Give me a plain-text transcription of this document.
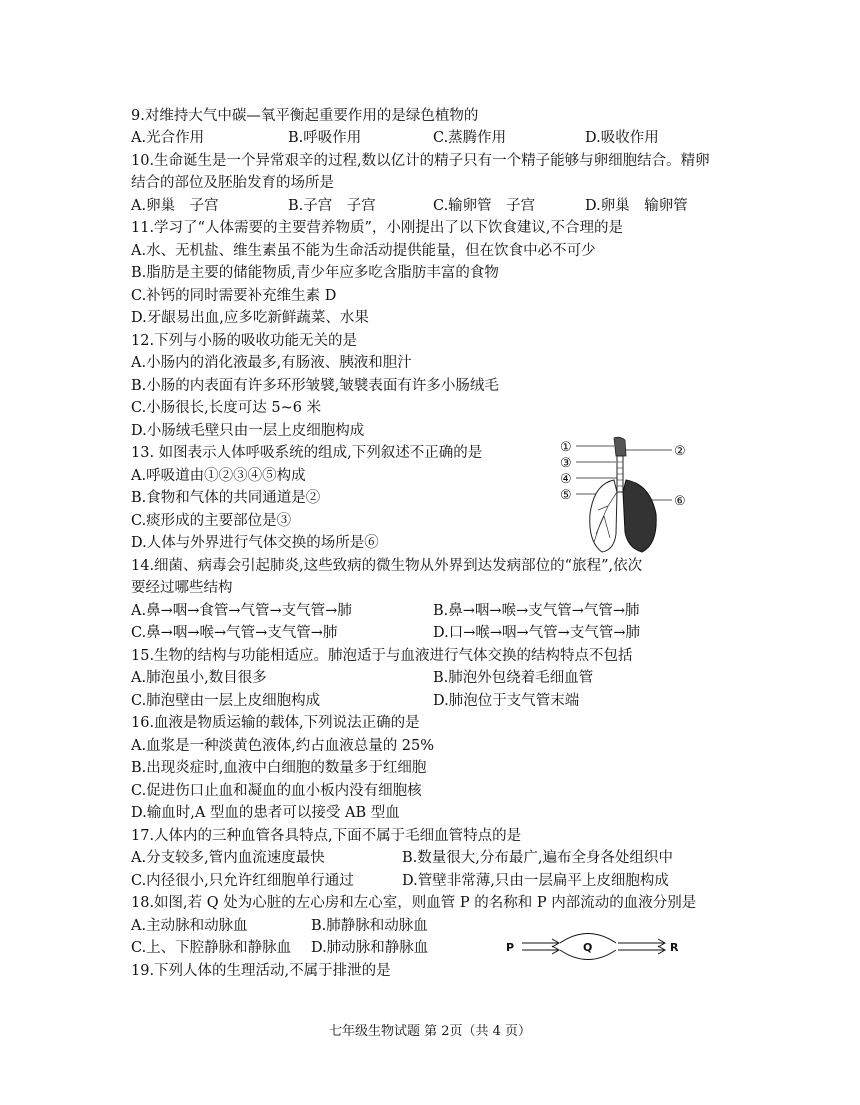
9.对维持大气中碳—氧平衡起重要作用的是绿色植物的
A.光合作用	B.呼吸作用	C.蒸腾作用	D.吸收作用
10.生命诞生是一个异常艰辛的过程,数以亿计的精子只有一个精子能够与卵细胞结合。精卵
结合的部位及胚胎发育的场所是
A.卵巢　子宫	B.子宫　子宫	C.输卵管　子宫	D.卵巢　输卵管
11.学习了“人体需要的主要营养物质”，小刚提出了以下饮食建议,不合理的是
A.水、无机盐、维生素虽不能为生命活动提供能量，但在饮食中必不可少
B.脂肪是主要的储能物质,青少年应多吃含脂肪丰富的食物
C.补钙的同时需要补充维生素 D
D.牙龈易出血,应多吃新鲜蔬菜、水果
12.下列与小肠的吸收功能无关的是
A.小肠内的消化液最多,有肠液、胰液和胆汁
B.小肠的内表面有许多环形皱襞,皱襞表面有许多小肠绒毛
C.小肠很长,长度可达 5~6 米
D.小肠绒毛壁只由一层上皮细胞构成
13. 如图表示人体呼吸系统的组成,下列叙述不正确的是
A.呼吸道由①②③④⑤构成
B.食物和气体的共同通道是②
C.痰形成的主要部位是③
D.人体与外界进行气体交换的场所是⑥
①
③
④
⑤
②
⑥
14.细菌、病毒会引起肺炎,这些致病的微生物从外界到达发病部位的“旅程”,依次
要经过哪些结构
A.鼻→咽→食管→气管→支气管→肺	B.鼻→咽→喉→支气管→气管→肺
C.鼻→咽→喉→气管→支气管→肺	D.口→喉→咽→气管→支气管→肺
15.生物的结构与功能相适应。肺泡适于与血液进行气体交换的结构特点不包括
A.肺泡虽小,数目很多	B.肺泡外包绕着毛细血管
C.肺泡壁由一层上皮细胞构成	D.肺泡位于支气管末端
16.血液是物质运输的载体,下列说法正确的是
A.血浆是一种淡黄色液体,约占血液总量的 25%
B.出现炎症时,血液中白细胞的数量多于红细胞
C.促进伤口止血和凝血的血小板内没有细胞核
D.输血时,A 型血的患者可以接受 AB 型血
17.人体内的三种血管各具特点,下面不属于毛细血管特点的是
A.分支较多,管内血流速度最快	B.数量很大,分布最广,遍布全身各处组织中
C.内径很小,只允许红细胞单行通过	D.管壁非常薄,只由一层扁平上皮细胞构成
18.如图,若 Q 处为心脏的左心房和左心室，则血管 P 的名称和 P 内部流动的血液分别是
A.主动脉和动脉血	B.肺静脉和动脉血
C.上、下腔静脉和静脉血 D.肺动脉和静脉血	P	Q	R
19.下列人体的生理活动,不属于排泄的是
七年级生物试题 第 2页（共 4 页）
